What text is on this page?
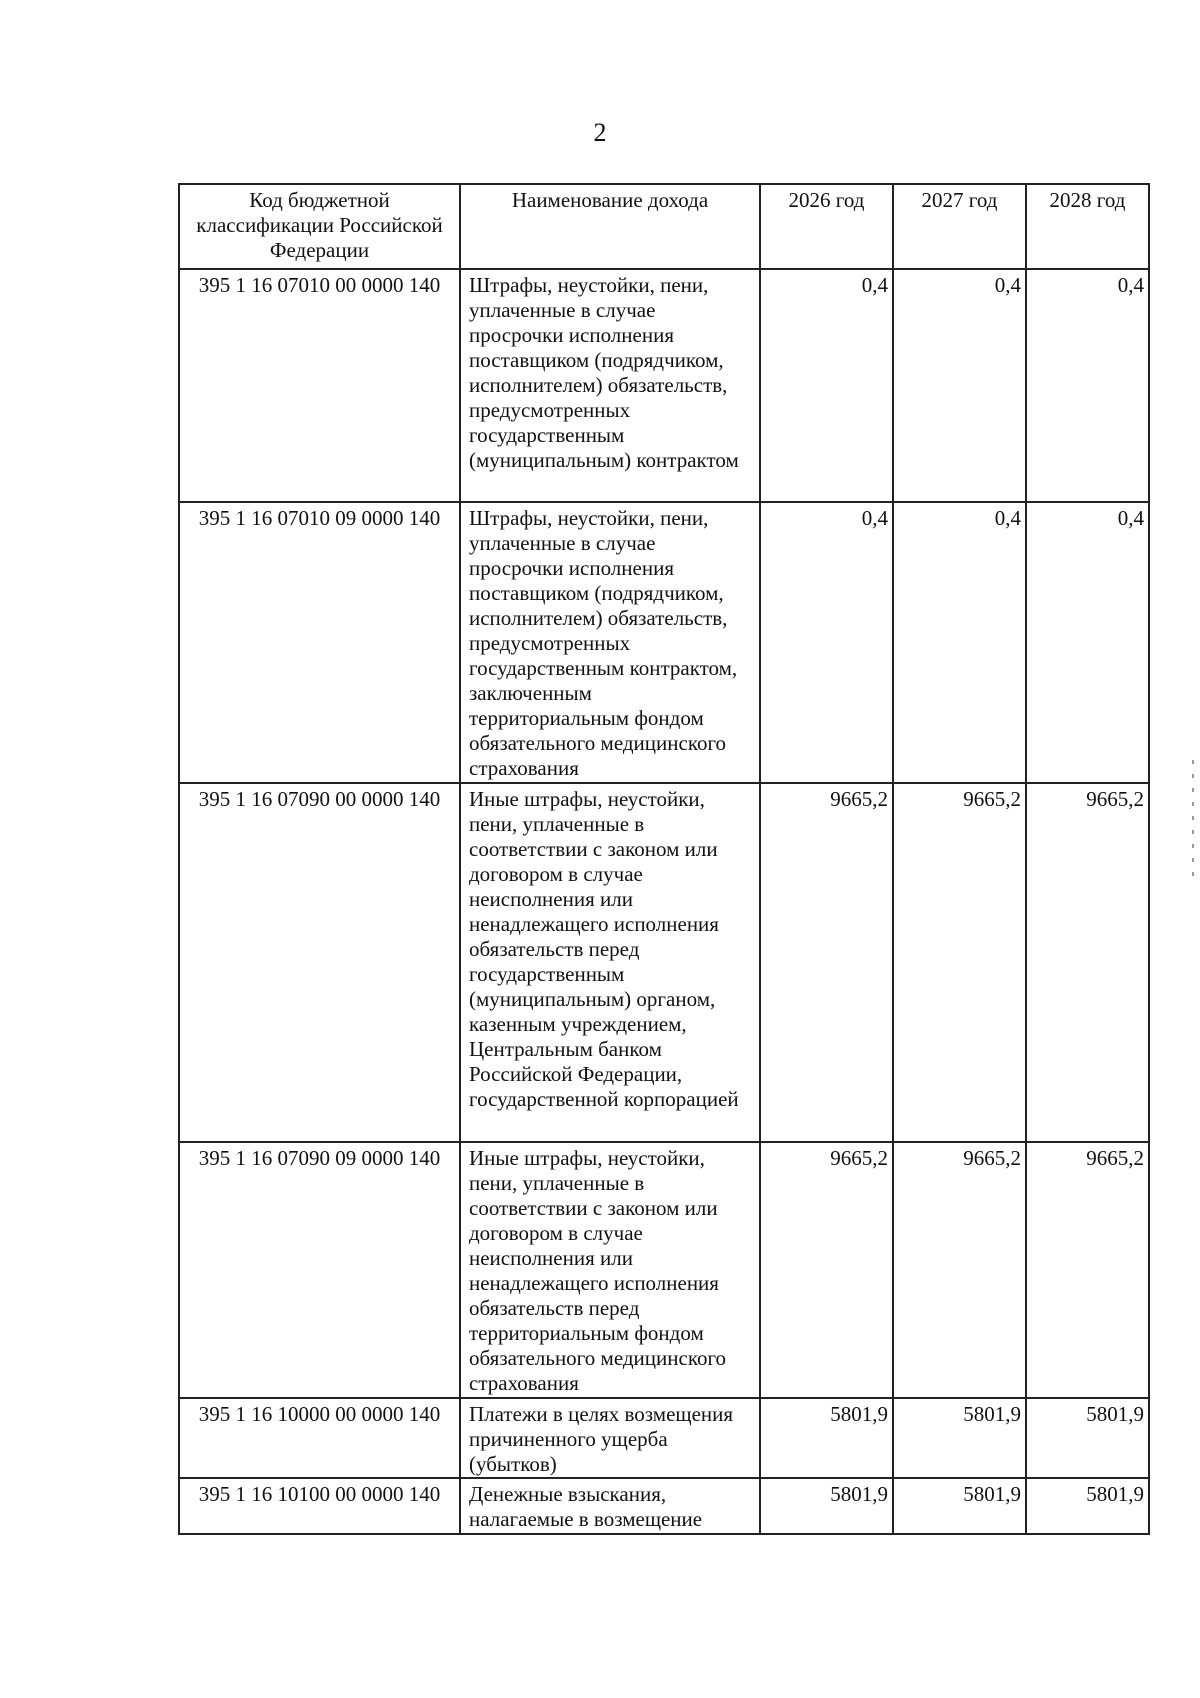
2
Код бюджетной классификации Российской Федерации	Наименование дохода	2026 год	2027 год	2028 год
395 1 16 07010 00 0000 140	Штрафы, неустойки, пени, уплаченные в случае просрочки исполнения поставщиком (подрядчиком, исполнителем) обязательств, предусмотренных государственным (муниципальным) контрактом	0,4	0,4	0,4
395 1 16 07010 09 0000 140	Штрафы, неустойки, пени, уплаченные в случае просрочки исполнения поставщиком (подрядчиком, исполнителем) обязательств, предусмотренных государственным контрактом, заключенным территориальным фондом обязательного медицинского страхования	0,4	0,4	0,4
395 1 16 07090 00 0000 140	Иные штрафы, неустойки, пени, уплаченные в соответствии с законом или договором в случае неисполнения или ненадлежащего исполнения обязательств перед государственным (муниципальным) органом, казенным учреждением, Центральным банком Российской Федерации, государственной корпорацией	9665,2	9665,2	9665,2
395 1 16 07090 09 0000 140	Иные штрафы, неустойки, пени, уплаченные в соответствии с законом или договором в случае неисполнения или ненадлежащего исполнения обязательств перед территориальным фондом обязательного медицинского страхования	9665,2	9665,2	9665,2
395 1 16 10000 00 0000 140	Платежи в целях возмещения причиненного ущерба (убытков)	5801,9	5801,9	5801,9
395 1 16 10100 00 0000 140	Денежные взыскания, налагаемые в возмещение	5801,9	5801,9	5801,9
